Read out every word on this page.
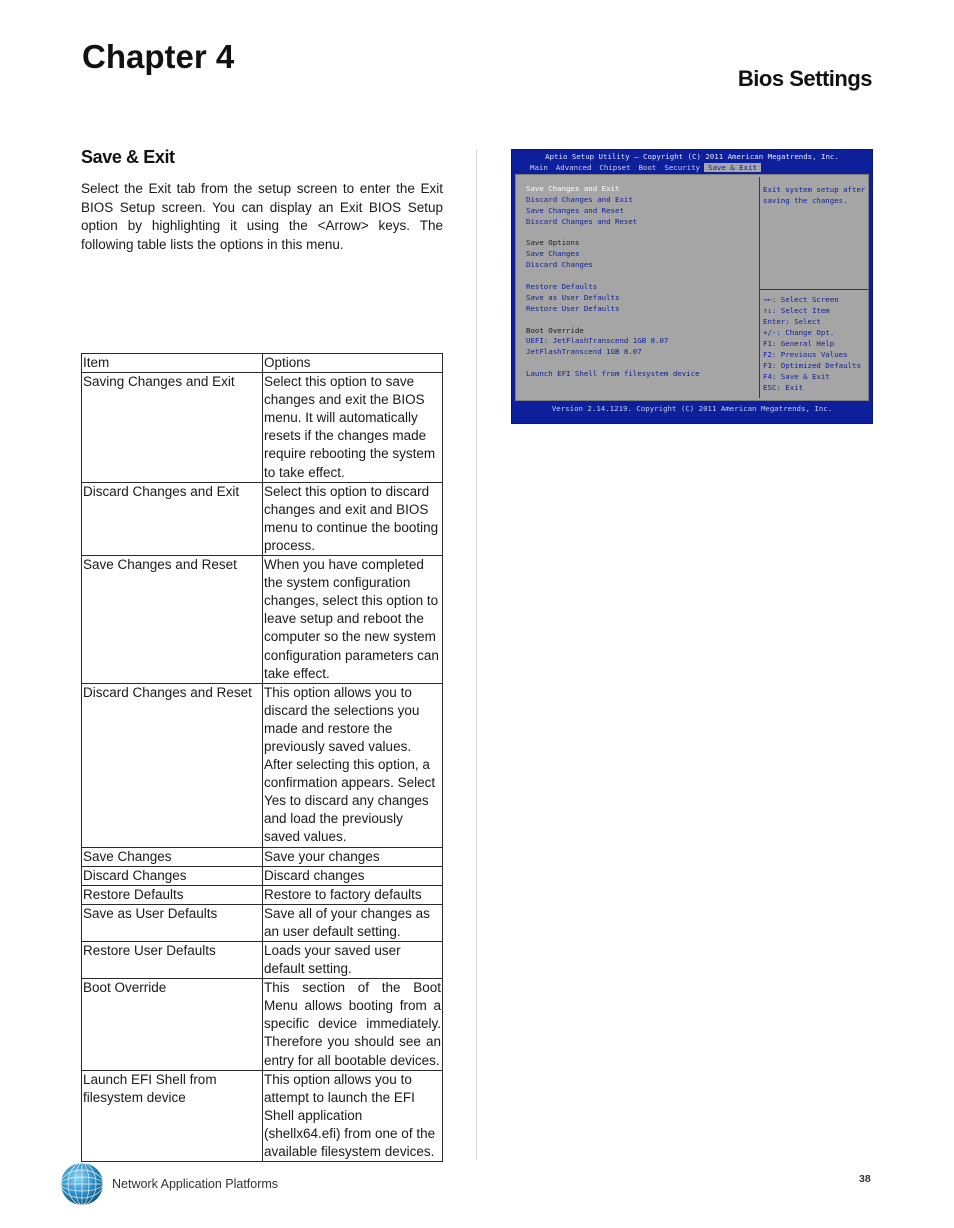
Chapter 4
Bios Settings
Save & Exit

Select the Exit tab from the setup screen to enter the Exit BIOS Setup screen. You can display an Exit BIOS Setup option by highlighting it using the <Arrow> keys. The following table lists the options in this menu.

Item	Options
Saving Changes and Exit	Select this option to save changes and exit the BIOS menu. It will automatically resets if the changes made require rebooting the system to take effect.
Discard Changes and Exit	Select this option to discard changes and exit and BIOS menu to continue the booting process.
Save Changes and Reset	When you have completed the system configuration changes, select this option to leave setup and reboot the computer so the new system configuration parameters can take effect.
Discard Changes and Reset	This option allows you to discard the selections you made and restore the previously saved values. After selecting this option, a confirmation appears. Select Yes to discard any changes and load the previously saved values.
Save Changes	Save your changes
Discard Changes	Discard changes
Restore Defaults	Restore to factory defaults
Save as User Defaults	Save all of your changes as an user default setting.
Restore User Defaults	Loads your saved user default setting.
Boot Override	This section of the Boot Menu allows booting from a specific device immediately. Therefore you should see an entry for all bootable devices.
Launch EFI Shell from filesystem device	This option allows you to attempt to launch the EFI Shell application (shellx64.efi) from one of the available filesystem devices.
Aptio Setup Utility – Copyright (C) 2011 American Megatrends, Inc.
Main	Advanced	Chipset	Boot	Security	Save & Exit
Save Changes and Exit
Discard Changes and Exit
Save Changes and Reset
Discard Changes and Reset
Save Options
Save Changes
Discard Changes
Restore Defaults
Save as User Defaults
Restore User Defaults
Boot Override
UEFI: JetFlashTranscend 1GB 8.07
JetFlashTranscend 1GB 8.07
Launch EFI Shell from filesystem device
Exit system setup after saving the changes.
→←: Select Screen
↑↓: Select Item
Enter: Select
+/-: Change Opt.
F1: General Help
F2: Previous Values
F3: Optimized Defaults
F4: Save & Exit
ESC: Exit
Version 2.14.1219. Copyright (C) 2011 American Megatrends, Inc.
Network Application Platforms	38
